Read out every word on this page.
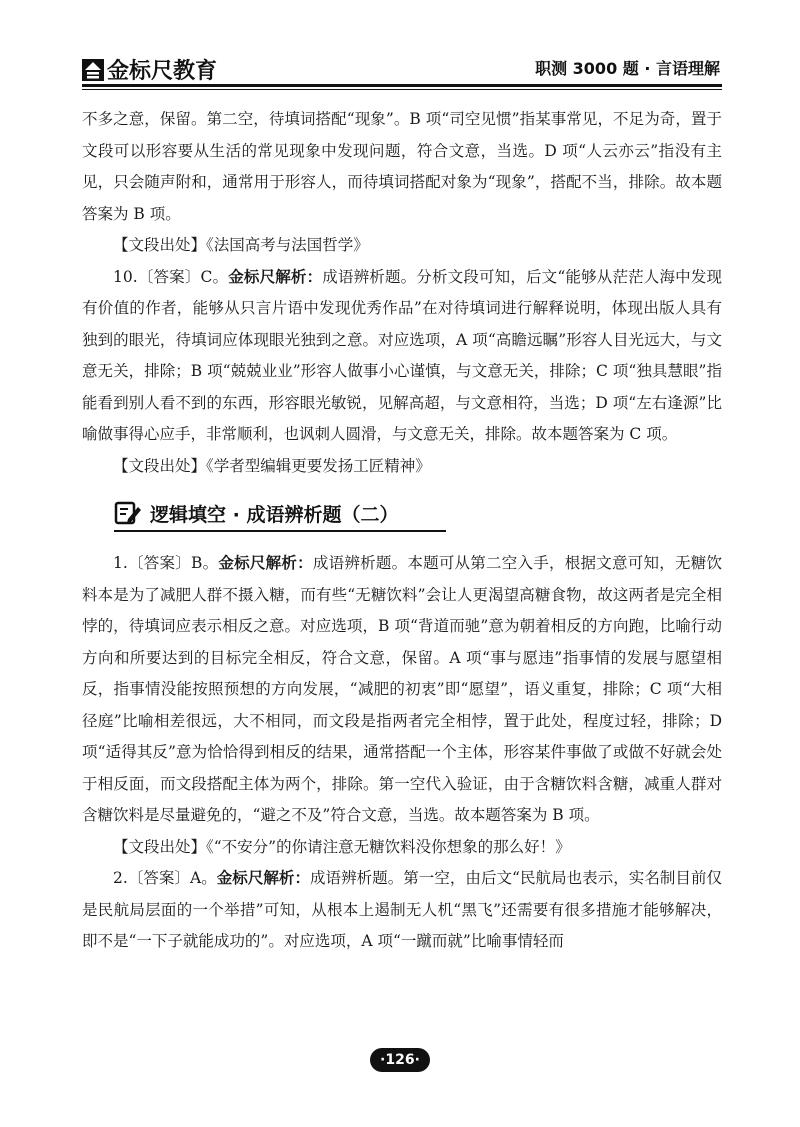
金标尺教育	职测 3000 题 · 言语理解

不多之意，保留。第二空，待填词搭配“现象”。B 项“司空见惯”指某事常见，不足为奇，置于文段可以形容要从生活的常见现象中发现问题，符合文意，当选。D 项“人云亦云”指没有主见，只会随声附和，通常用于形容人，而待填词搭配对象为“现象”，搭配不当，排除。故本题答案为 B 项。

【文段出处】《法国高考与法国哲学》

10.〔答案〕C。金标尺解析：成语辨析题。分析文段可知，后文“能够从茫茫人海中发现有价值的作者，能够从只言片语中发现优秀作品”在对待填词进行解释说明，体现出版人具有独到的眼光，待填词应体现眼光独到之意。对应选项，A 项“高瞻远瞩”形容人目光远大，与文意无关，排除；B 项“兢兢业业”形容人做事小心谨慎，与文意无关，排除；C 项“独具慧眼”指能看到别人看不到的东西，形容眼光敏锐，见解高超，与文意相符，当选；D 项“左右逢源”比喻做事得心应手，非常顺利，也讽刺人圆滑，与文意无关，排除。故本题答案为 C 项。

【文段出处】《学者型编辑更要发扬工匠精神》

逻辑填空 · 成语辨析题（二）

1.〔答案〕B。金标尺解析：成语辨析题。本题可从第二空入手，根据文意可知，无糖饮料本是为了减肥人群不摄入糖，而有些“无糖饮料”会让人更渴望高糖食物，故这两者是完全相悖的，待填词应表示相反之意。对应选项，B 项“背道而驰”意为朝着相反的方向跑，比喻行动方向和所要达到的目标完全相反，符合文意，保留。A 项“事与愿违”指事情的发展与愿望相反，指事情没能按照预想的方向发展，“减肥的初衷”即“愿望”，语义重复，排除；C 项“大相径庭”比喻相差很远，大不相同，而文段是指两者完全相悖，置于此处，程度过轻，排除；D 项“适得其反”意为恰恰得到相反的结果，通常搭配一个主体，形容某件事做了或做不好就会处于相反面，而文段搭配主体为两个，排除。第一空代入验证，由于含糖饮料含糖，减重人群对含糖饮料是尽量避免的，“避之不及”符合文意，当选。故本题答案为 B 项。

【文段出处】《“不安分”的你请注意无糖饮料没你想象的那么好！》

2.〔答案〕A。金标尺解析：成语辨析题。第一空，由后文“民航局也表示，实名制目前仅是民航局层面的一个举措”可知，从根本上遏制无人机“黑飞”还需要有很多措施才能够解决，即不是“一下子就能成功的”。对应选项，A 项“一蹴而就”比喻事情轻而

·126·
